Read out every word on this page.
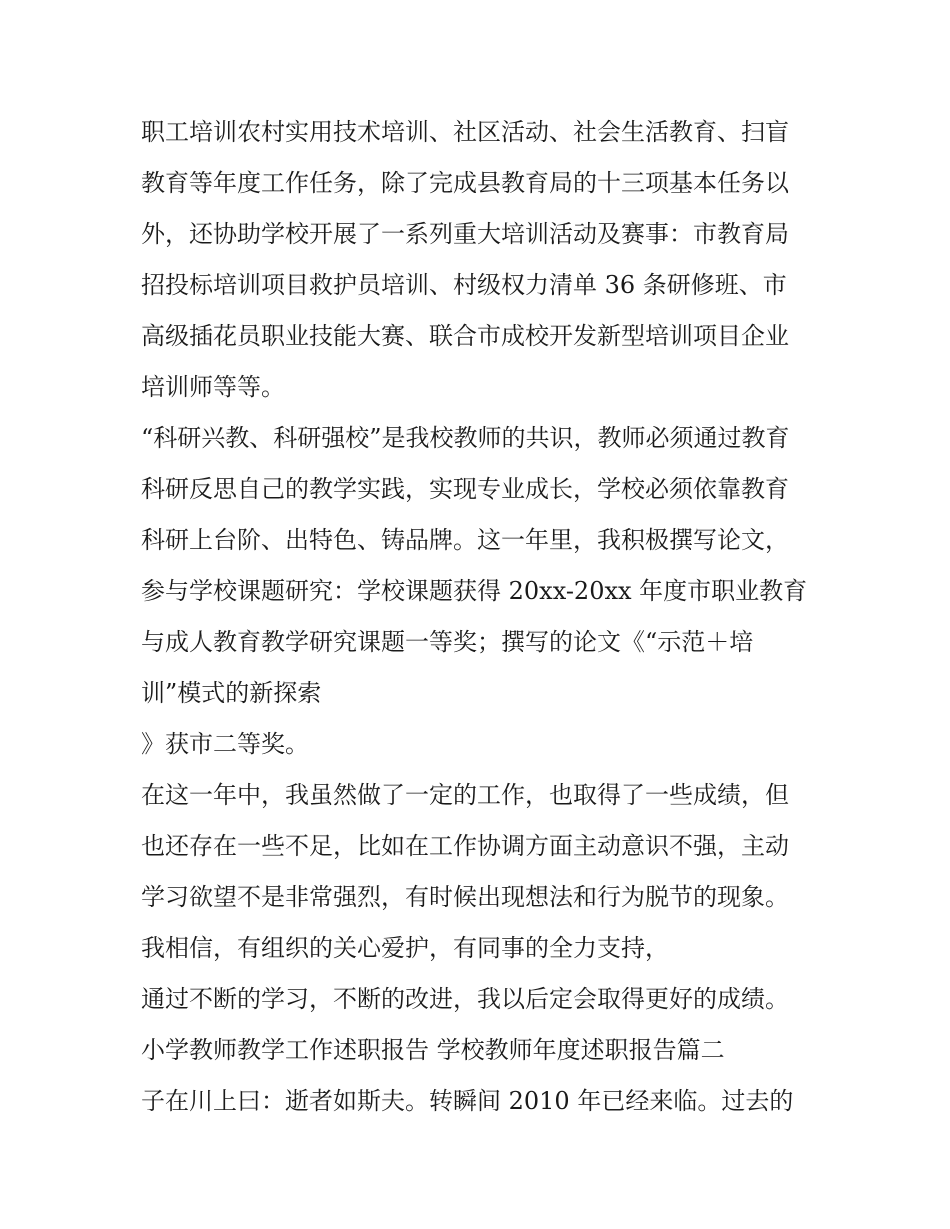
职工培训农村实用技术培训、社区活动、社会生活教育、扫盲
教育等年度工作任务，除了完成县教育局的十三项基本任务以
外，还协助学校开展了一系列重大培训活动及赛事：市教育局
招投标培训项目救护员培训、村级权力清单 36 条研修班、市
高级插花员职业技能大赛、联合市成校开发新型培训项目企业
培训师等等。
“科研兴教、科研强校”是我校教师的共识，教师必须通过教育
科研反思自己的教学实践，实现专业成长，学校必须依靠教育
科研上台阶、出特色、铸品牌。这一年里，我积极撰写论文，
参与学校课题研究：学校课题获得 20xx-20xx 年度市职业教育
与成人教育教学研究课题一等奖；撰写的论文《“示范＋培
训”模式的新探索
》获市二等奖。
在这一年中，我虽然做了一定的工作，也取得了一些成绩，但
也还存在一些不足，比如在工作协调方面主动意识不强，主动
学习欲望不是非常强烈，有时候出现想法和行为脱节的现象。
我相信，有组织的关心爱护，有同事的全力支持，
通过不断的学习，不断的改进，我以后定会取得更好的成绩。
小学教师教学工作述职报告 学校教师年度述职报告篇二
子在川上曰：逝者如斯夫。转瞬间 2010 年已经来临。过去的
